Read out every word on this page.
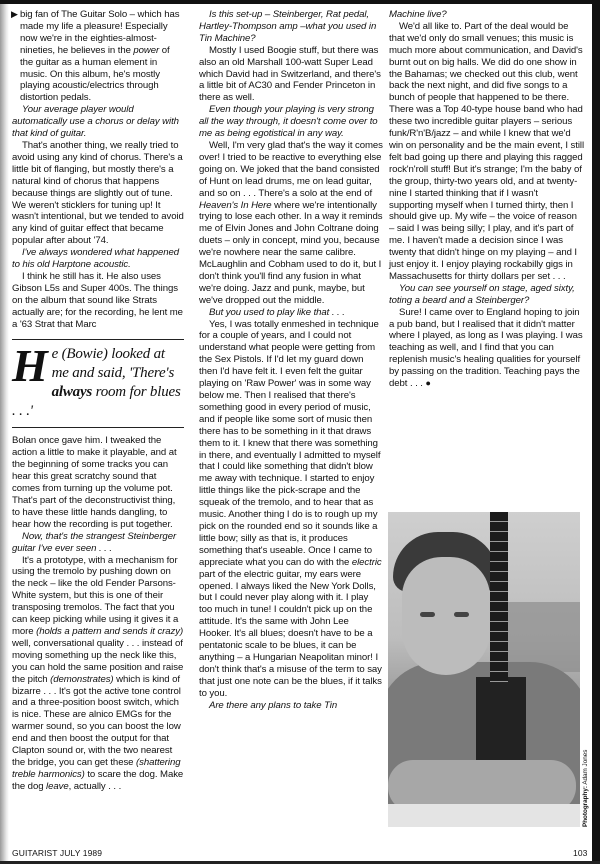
▶ big fan of The Guitar Solo – which has made my life a pleasure! Especially now we're in the eighties-almost-nineties, he believes in the power of the guitar as a human element in music. On this album, he's mostly playing acoustic/electrics through distortion pedals.

Your average player would automatically use a chorus or delay with that kind of guitar.

That's another thing, we really tried to avoid using any kind of chorus. There's a little bit of flanging, but mostly there's a natural kind of chorus that happens because things are slightly out of tune. We weren't sticklers for tuning up! It wasn't intentional, but we tended to avoid any kind of guitar effect that became popular after about '74.

I've always wondered what happened to his old Harptone acoustic.

I think he still has it. He also uses Gibson L5s and Super 400s. The things on the album that sound like Strats actually are; for the recording, he lent me a '63 Strat that Marc

He (Bowie) looked at me and said, 'There's always room for blues . . .'

Bolan once gave him. I tweaked the action a little to make it playable, and at the beginning of some tracks you can hear this great scratchy sound that comes from turning up the volume pot. That's part of the deconstructivist thing, to have these little hands dangling, to hear how the recording is put together.

Now, that's the strangest Steinberger guitar I've ever seen . . .

It's a prototype, with a mechanism for using the tremolo by pushing down on the neck – like the old Fender Parsons-White system, but this is one of their transposing tremolos. The fact that you can keep picking while using it gives it a more (holds a pattern and sends it crazy) well, conversational quality . . . instead of moving something up the neck like this, you can hold the same position and raise the pitch (demonstrates) which is kind of bizarre . . . It's got the active tone control and a three-position boost switch, which is nice. These are alnico EMGs for the warmer sound, so you can boost the low end and then boost the output for that Clapton sound or, with the two nearest the bridge, you can get these (shattering treble harmonics) to scare the dog. Make the dog leave, actually . . .

Is this set-up – Steinberger, Rat pedal, Hartley-Thompson amp –what you used in Tin Machine?

Mostly I used Boogie stuff, but there was also an old Marshall 100-watt Super Lead which David had in Switzerland, and there's a little bit of AC30 and Fender Princeton in there as well.

Even though your playing is very strong all the way through, it doesn't come over to me as being egotistical in any way.

Well, I'm very glad that's the way it comes over! I tried to be reactive to everything else going on. We joked that the band consisted of Hunt on lead drums, me on lead guitar, and so on . . . There's a solo at the end of Heaven's In Here where we're intentionally trying to lose each other. In a way it reminds me of Elvin Jones and John Coltrane doing duets – only in concept, mind you, because we're nowhere near the same calibre. McLaughlin and Cobham used to do it, but I don't think you'll find any fusion in what we're doing. Jazz and punk, maybe, but we've dropped out the middle.

But you used to play like that . . .

Yes, I was totally enmeshed in technique for a couple of years, and I could not understand what people were getting from the Sex Pistols. If I'd let my guard down then I'd have felt it. I even felt the guitar playing on 'Raw Power' was in some way below me. Then I realised that there's something good in every period of music, and if people like some sort of music then there has to be something in it that draws them to it. I knew that there was something in there, and eventually I admitted to myself that I could like something that didn't blow me away with technique. I started to enjoy little things like the pick-scrape and the squeak of the tremolo, and to hear that as music. Another thing I do is to rough up my pick on the rounded end so it sounds like a little bow; silly as that is, it produces something that's useable. Once I came to appreciate what you can do with the electric part of the electric guitar, my ears were opened. I always liked the New York Dolls, but I could never play along with it. I play too much in tune! I couldn't pick up on the attitude. It's the same with John Lee Hooker. It's all blues; doesn't have to be a pentatonic scale to be blues, it can be anything – a Hungarian Neapolitan minor! I don't think that's a misuse of the term to say that just one note can be the blues, if it talks to you.

Are there any plans to take Tin

Machine live?

We'd all like to. Part of the deal would be that we'd only do small venues; this music is much more about communication, and David's burnt out on big halls. We did do one show in the Bahamas; we checked out this club, went back the next night, and did five songs to a bunch of people that happened to be there. There was a Top 40-type house band who had these two incredible guitar players – serious funk/R'n'B/jazz – and while I knew that we'd win on personality and be the main event, I still felt bad going up there and playing this ragged rock'n'roll stuff! But it's strange; I'm the baby of the group, thirty-two years old, and at twenty-nine I started thinking that if I wasn't supporting myself when I turned thirty, then I should give up. My wife – the voice of reason – said I was being silly; I play, and it's part of me. I haven't made a decision since I was twenty that didn't hinge on my playing – and I just enjoy it. I enjoy playing rockabilly gigs in Massachusetts for thirty dollars per set . . .

You can see yourself on stage, aged sixty, toting a beard and a Steinberger?

Sure! I came over to England hoping to join a pub band, but I realised that it didn't matter where I played, as long as I was playing. I was teaching as well, and I find that you can replenish music's healing qualities for yourself by passing on the tradition. Teaching pays the debt . . . ●

Photography: Adam Jones
GUITARIST JULY 1989	103
